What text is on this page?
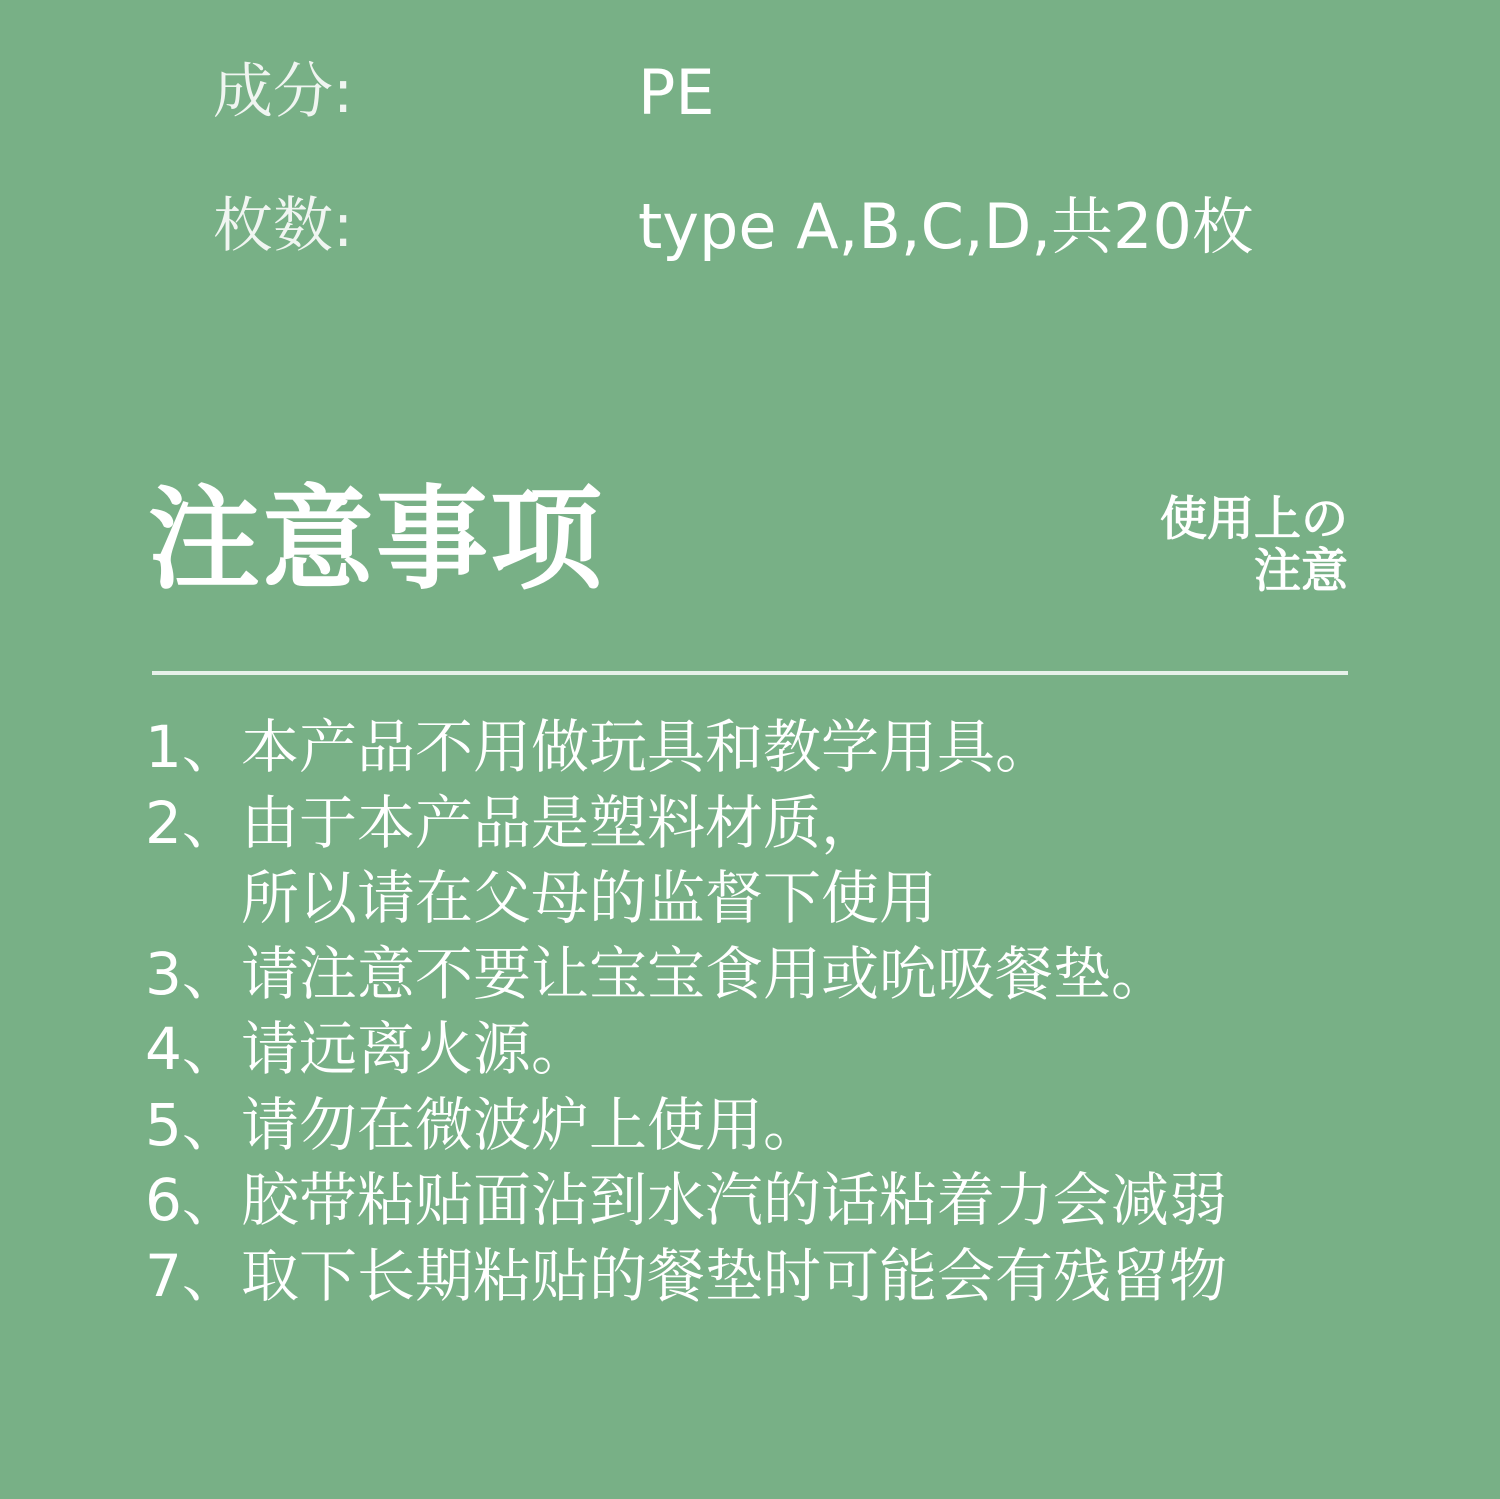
成分:	PE
枚数:	type A,B,C,D,共20枚
注意事项	使用上の
注意
1、本产品不用做玩具和教学用具。
2、由于本产品是塑料材质，
所以请在父母的监督下使用
3、请注意不要让宝宝食用或吮吸餐垫。
4、请远离火源。
5、请勿在微波炉上使用。
6、胶带粘贴面沾到水汽的话粘着力会减弱
7、取下长期粘贴的餐垫时可能会有残留物
